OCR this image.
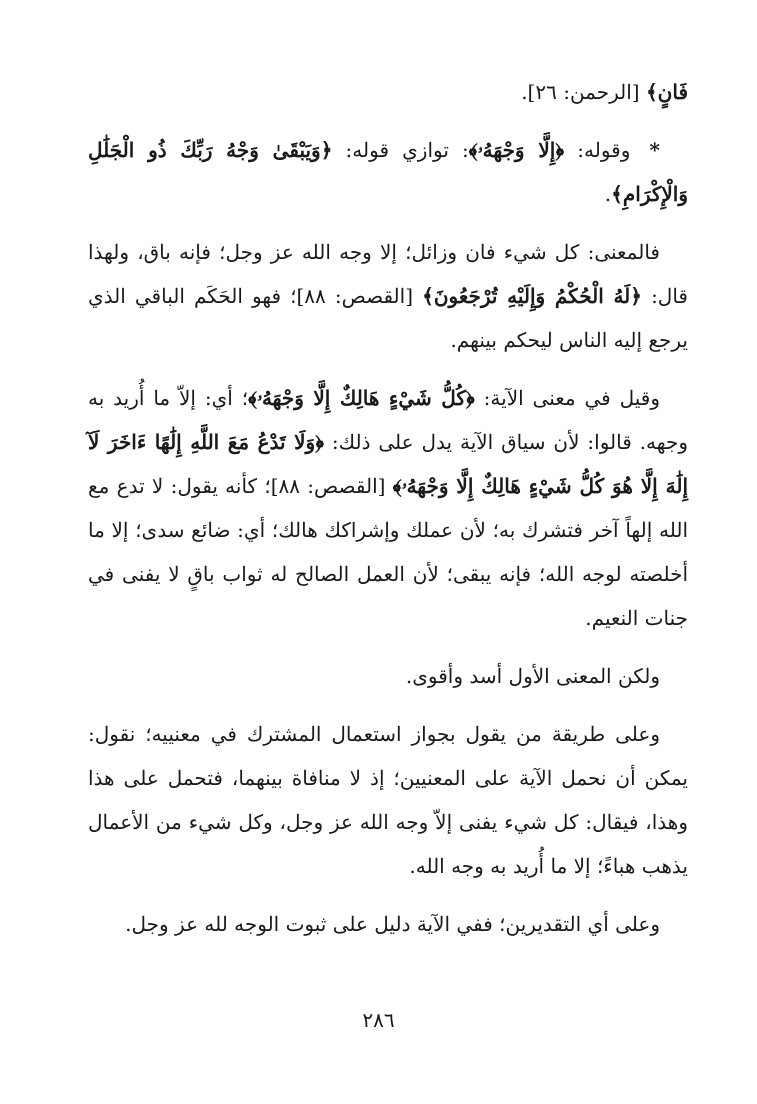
فَانٍ﴾ [الرحمن: ٢٦].

* وقوله: ﴿إِلَّا وَجْهَهُۥ﴾: توازي قوله: ﴿وَيَبْقَىٰ وَجْهُ رَبِّكَ ذُو الْجَلَٰلِ وَالْإِكْرَامِ﴾.

فالمعنى: كل شيء فان وزائل؛ إلا وجه الله عز وجل؛ فإنه باق، ولهذا قال: ﴿لَهُ الْحُكْمُ وَإِلَيْهِ تُرْجَعُونَ﴾ [القصص: ٨٨]؛ فهو الحَكَم الباقي الذي يرجع إليه الناس ليحكم بينهم.

وقيل في معنى الآية: ﴿كُلُّ شَيْءٍ هَالِكٌ إِلَّا وَجْهَهُۥ﴾؛ أي: إلاّ ما أُريد به وجهه. قالوا: لأن سياق الآية يدل على ذلك: ﴿وَلَا تَدْعُ مَعَ اللَّهِ إِلَٰهًا ءَاخَرَ لَآ إِلَٰهَ إِلَّا هُوَ كُلُّ شَيْءٍ هَالِكٌ إِلَّا وَجْهَهُۥ﴾ [القصص: ٨٨]؛ كأنه يقول: لا تدع مع الله إلهاً آخر فتشرك به؛ لأن عملك وإشراكك هالك؛ أي: ضائع سدى؛ إلا ما أخلصته لوجه الله؛ فإنه يبقى؛ لأن العمل الصالح له ثواب باقٍ لا يفنى في جنات النعيم.

ولكن المعنى الأول أسد وأقوى.

وعلى طريقة من يقول بجواز استعمال المشترك في معنييه؛ نقول: يمكن أن نحمل الآية على المعنيين؛ إذ لا منافاة بينهما، فتحمل على هذا وهذا، فيقال: كل شيء يفنى إلاّ وجه الله عز وجل، وكل شيء من الأعمال يذهب هباءً؛ إلا ما أُريد به وجه الله.

وعلى أي التقديرين؛ ففي الآية دليل على ثبوت الوجه لله عز وجل.

٢٨٦
